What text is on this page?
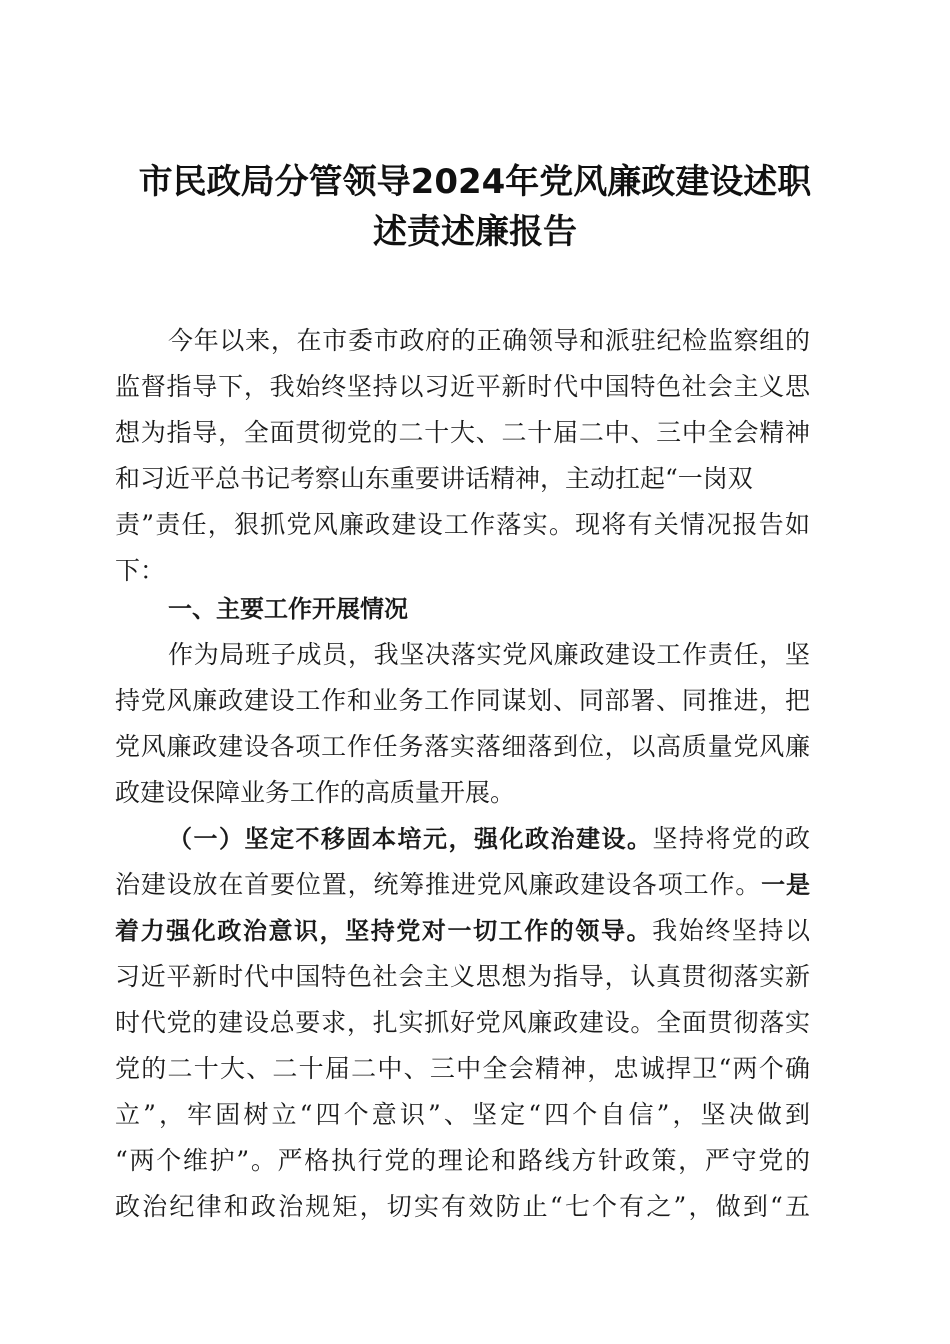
市民政局分管领导2024年党风廉政建设述职
述责述廉报告
今年以来，在市委市政府的正确领导和派驻纪检监察组的
监督指导下，我始终坚持以习近平新时代中国特色社会主义思
想为指导，全面贯彻党的二十大、二十届二中、三中全会精神
和习近平总书记考察山东重要讲话精神，主动扛起“一岗双
责”责任，狠抓党风廉政建设工作落实。现将有关情况报告如
下：
一、主要工作开展情况
作为局班子成员，我坚决落实党风廉政建设工作责任，坚
持党风廉政建设工作和业务工作同谋划、同部署、同推进，把
党风廉政建设各项工作任务落实落细落到位，以高质量党风廉
政建设保障业务工作的高质量开展。
（一）坚定不移固本培元，强化政治建设。坚持将党的政
治建设放在首要位置，统筹推进党风廉政建设各项工作。一是
着力强化政治意识，坚持党对一切工作的领导。我始终坚持以
习近平新时代中国特色社会主义思想为指导，认真贯彻落实新
时代党的建设总要求，扎实抓好党风廉政建设。全面贯彻落实
党的二十大、二十届二中、三中全会精神，忠诚捍卫“两个确
立”，牢固树立“四个意识”、坚定“四个自信”，坚决做到
“两个维护”。严格执行党的理论和路线方针政策，严守党的
政治纪律和政治规矩，切实有效防止“七个有之”，做到“五
